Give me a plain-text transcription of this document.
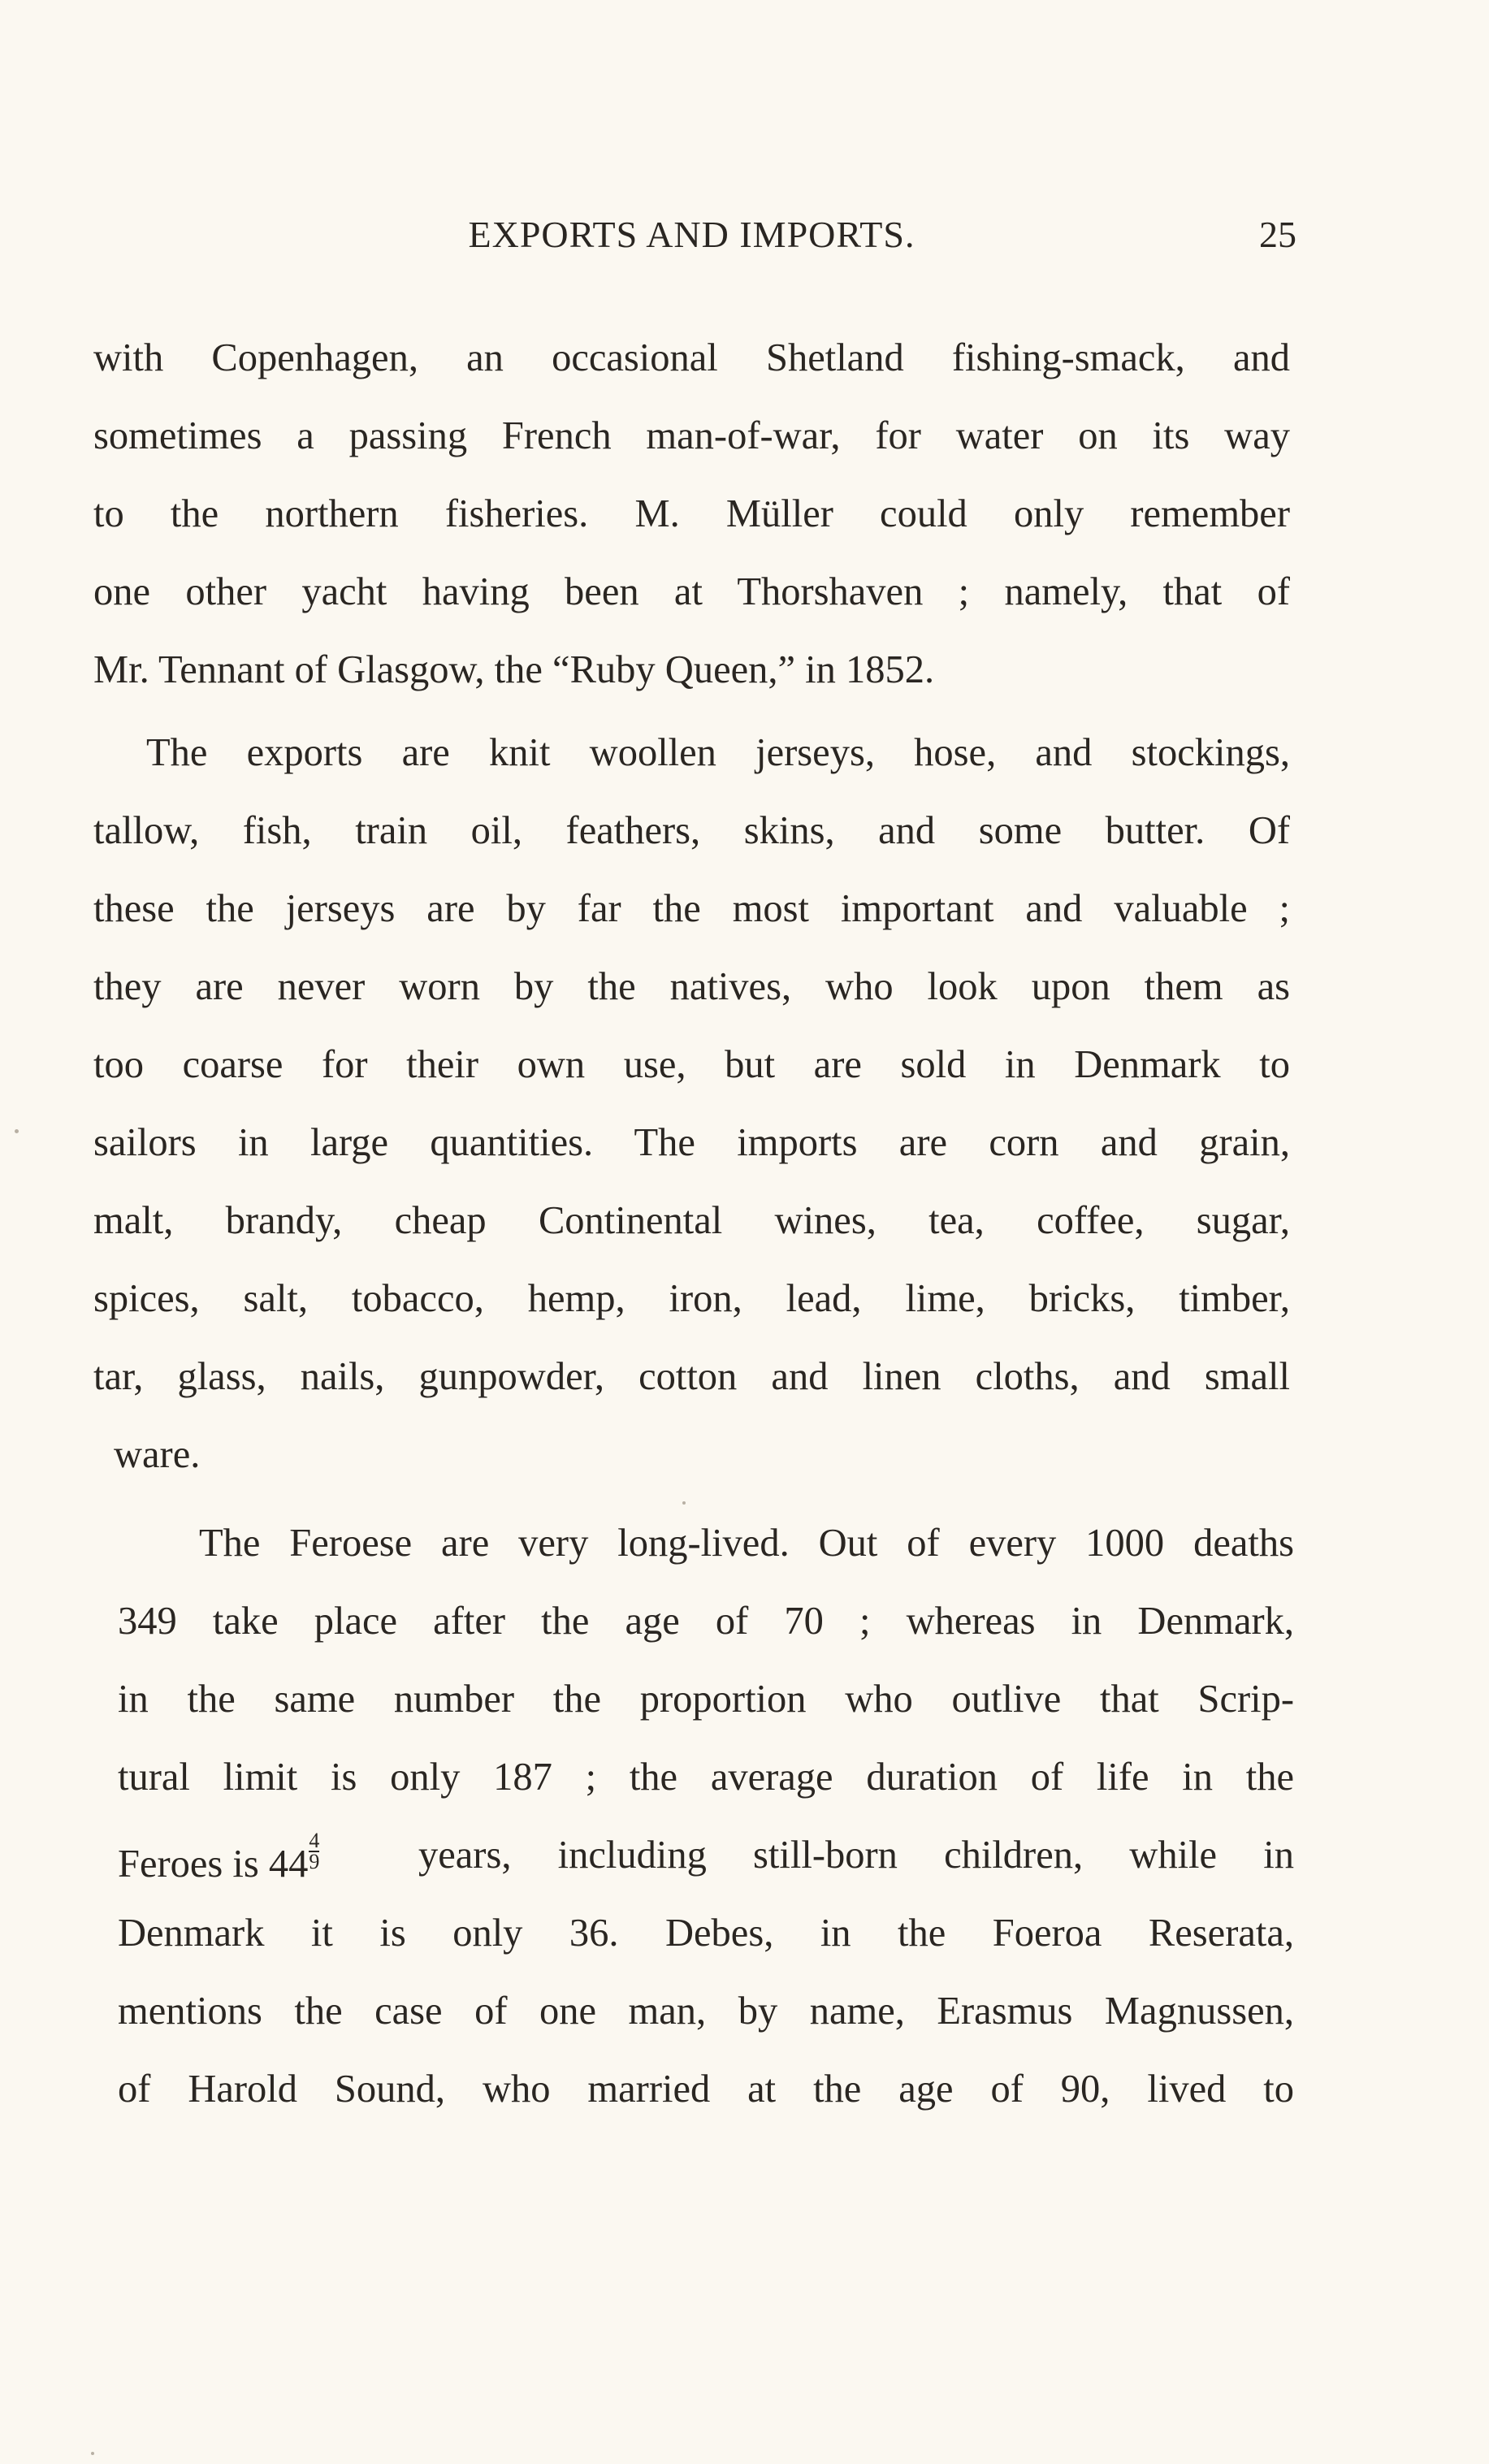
EXPORTS AND IMPORTS.	25
with Copenhagen, an occasional Shetland fishing-smack, and
sometimes a passing French man-of-war, for water on its way
to the northern fisheries. M. Müller could only remember
one other yacht having been at Thorshaven ; namely, that of
Mr. Tennant of Glasgow, the “Ruby Queen,” in 1852.
The exports are knit woollen jerseys, hose, and stockings,
tallow, fish, train oil, feathers, skins, and some butter. Of
these the jerseys are by far the most important and valuable ;
they are never worn by the natives, who look upon them as
too coarse for their own use, but are sold in Denmark to
sailors in large quantities. The imports are corn and grain,
malt, brandy, cheap Continental wines, tea, coffee, sugar,
spices, salt, tobacco, hemp, iron, lead, lime, bricks, timber,
tar, glass, nails, gunpowder, cotton and linen cloths, and small
ware.
The Feroese are very long-lived. Out of every 1000 deaths
349 take place after the age of 70 ; whereas in Denmark,
in the same number the proportion who outlive that Scrip-
tural limit is only 187 ; the average duration of life in the
Feroes is $44 \frac{4}{9}$	years, including still-born children, while in
Denmark it is only 36. Debes, in the Foeroa Reserata,
mentions the case of one man, by name, Erasmus Magnussen,
of Harold Sound, who married at the age of 90, lived to
